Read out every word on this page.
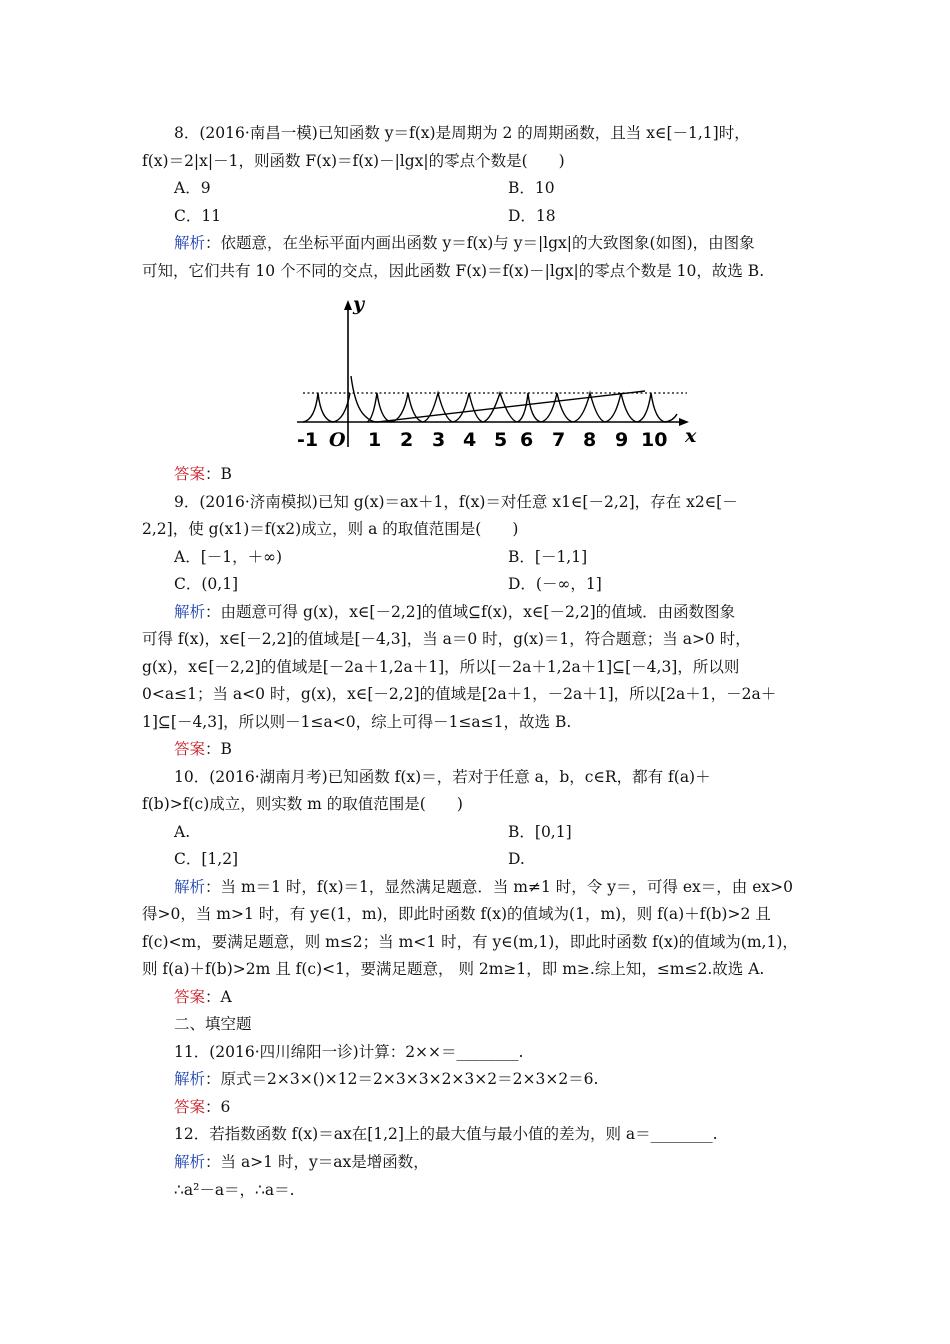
8．(2016·南昌一模)已知函数 y＝f(x)是周期为 2 的周期函数，且当 x∈[－1,1]时，
f(x)＝2|x|－1，则函数 F(x)＝f(x)－|lgx|的零点个数是(　　)
A．9	B．10
C．11	D．18
解析：依题意，在坐标平面内画出函数 y＝f(x)与 y＝|lgx|的大致图象(如图)，由图象
可知，它们共有 10 个不同的交点，因此函数 F(x)＝f(x)－|lgx|的零点个数是 10，故选 B.
y
x
-1 O 1 2 3 4 5 6 7 8 9 10
答案：B
9．(2016·济南模拟)已知 g(x)＝ax＋1，f(x)＝对任意 x1∈[－2,2]，存在 x2∈[－
2,2]，使 g(x1)＝f(x2)成立，则 a 的取值范围是(　　)
A．[－1，＋∞)	B．[－1,1]
C．(0,1]	D．(－∞，1]
解析：由题意可得 g(x)，x∈[－2,2]的值域⊆f(x)，x∈[－2,2]的值域．由函数图象
可得 f(x)，x∈[－2,2]的值域是[－4,3]，当 a＝0 时，g(x)＝1，符合题意；当 a>0 时，
g(x)，x∈[－2,2]的值域是[－2a＋1,2a＋1]，所以[－2a＋1,2a＋1]⊆[－4,3]，所以则
0<a≤1；当 a<0 时，g(x)，x∈[－2,2]的值域是[2a＋1，－2a＋1]，所以[2a＋1，－2a＋
1]⊆[－4,3]，所以则－1≤a<0，综上可得－1≤a≤1，故选 B.
答案：B
10．(2016·湖南月考)已知函数 f(x)＝，若对于任意 a，b，c∈R，都有 f(a)＋
f(b)>f(c)成立，则实数 m 的取值范围是(　　)
A.	B．[0,1]
C．[1,2]	D.
解析：当 m＝1 时，f(x)＝1，显然满足题意．当 m≠1 时，令 y＝，可得 ex＝，由 ex>0
得>0，当 m>1 时，有 y∈(1，m)，即此时函数 f(x)的值域为(1，m)，则 f(a)＋f(b)>2 且
f(c)<m，要满足题意，则 m≤2；当 m<1 时，有 y∈(m,1)，即此时函数 f(x)的值域为(m,1)，
则 f(a)＋f(b)>2m 且 f(c)<1，要满足题意， 则 2m≥1，即 m≥.综上知，≤m≤2.故选 A.
答案：A
二、填空题
11．(2016·四川绵阳一诊)计算：2××＝________.
解析：原式＝2×3×()×12＝2×3×3×2×3×2＝2×3×2＝6.
答案：6
12．若指数函数 f(x)＝ax在[1,2]上的最大值与最小值的差为，则 a＝________.
解析：当 a>1 时，y＝ax是增函数，
∴a²－a＝，∴a＝.
